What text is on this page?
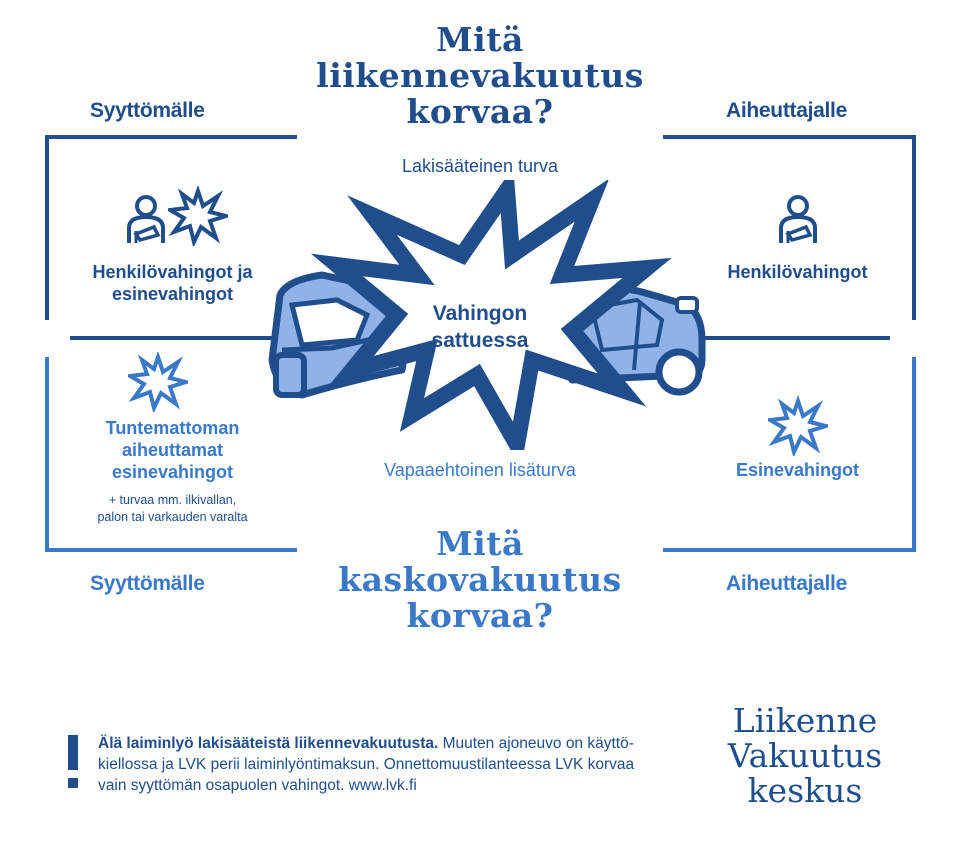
Mitä
liikennevakuutus
korvaa?
Syyttömälle	Aiheuttajalle
Lakisääteinen turva
Vapaaehtoinen lisäturva
Henkilövahingot ja
esinevahingot
Henkilövahingot
Tuntemattoman
aiheuttamat
esinevahingot
+ turvaa mm. ilkivallan,
palon tai varkauden varalta
Esinevahingot
Vahingon
sattuessa
Mitä
kaskovakuutus
korvaa?
Syyttömälle	Aiheuttajalle
Älä laiminlyö lakisääteistä liikennevakuutusta. Muuten ajoneuvo on käyttö-
kiellossa ja LVK perii laiminlyöntimaksun. Onnettomuustilanteessa LVK korvaa
vain syyttömän osapuolen vahingot. www.lvk.fi
Liikenne
Vakuutus
keskus
